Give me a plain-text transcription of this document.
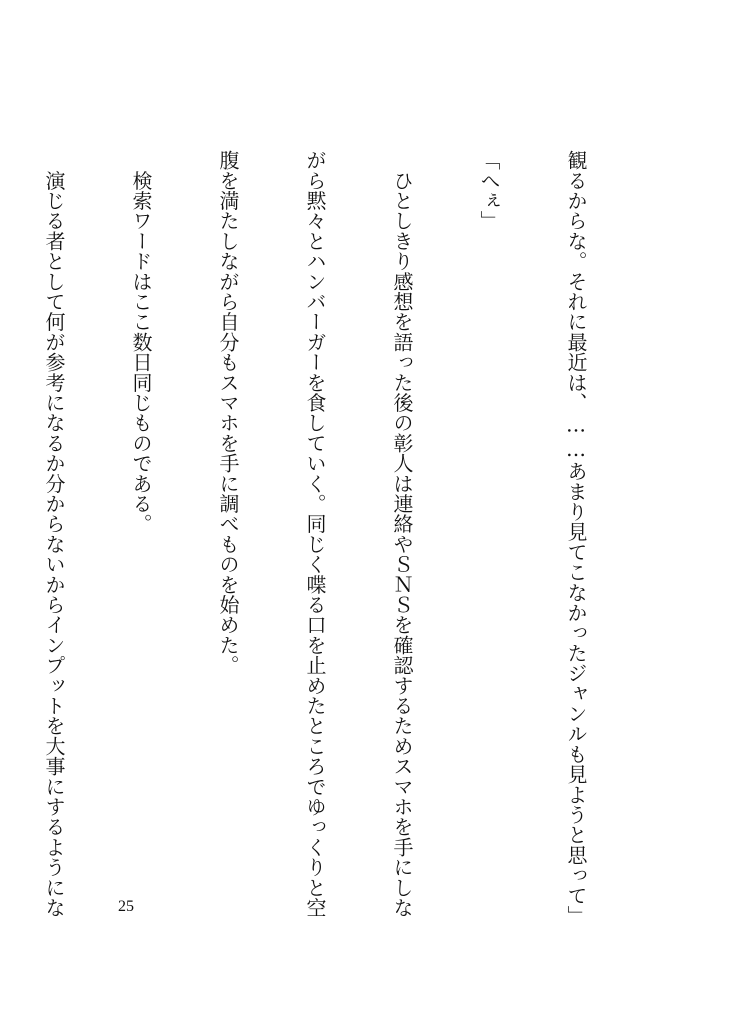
観るからな。それに最近は、……あまり見てこなかったジャンルも見ようと思って」

「へぇ」

　ひとしきり感想を語った後の彰人は連絡やＳＮＳを確認するためスマホを手にしな

がら黙々とハンバーガーを食していく。同じく喋る口を止めたところでゆっくりと空

腹を満たしながら自分もスマホを手に調べものを始めた。

　検索ワードはここ数日同じものである。

　演じる者として何が参考になるか分からないからインプットを大事にするようにな

	25
